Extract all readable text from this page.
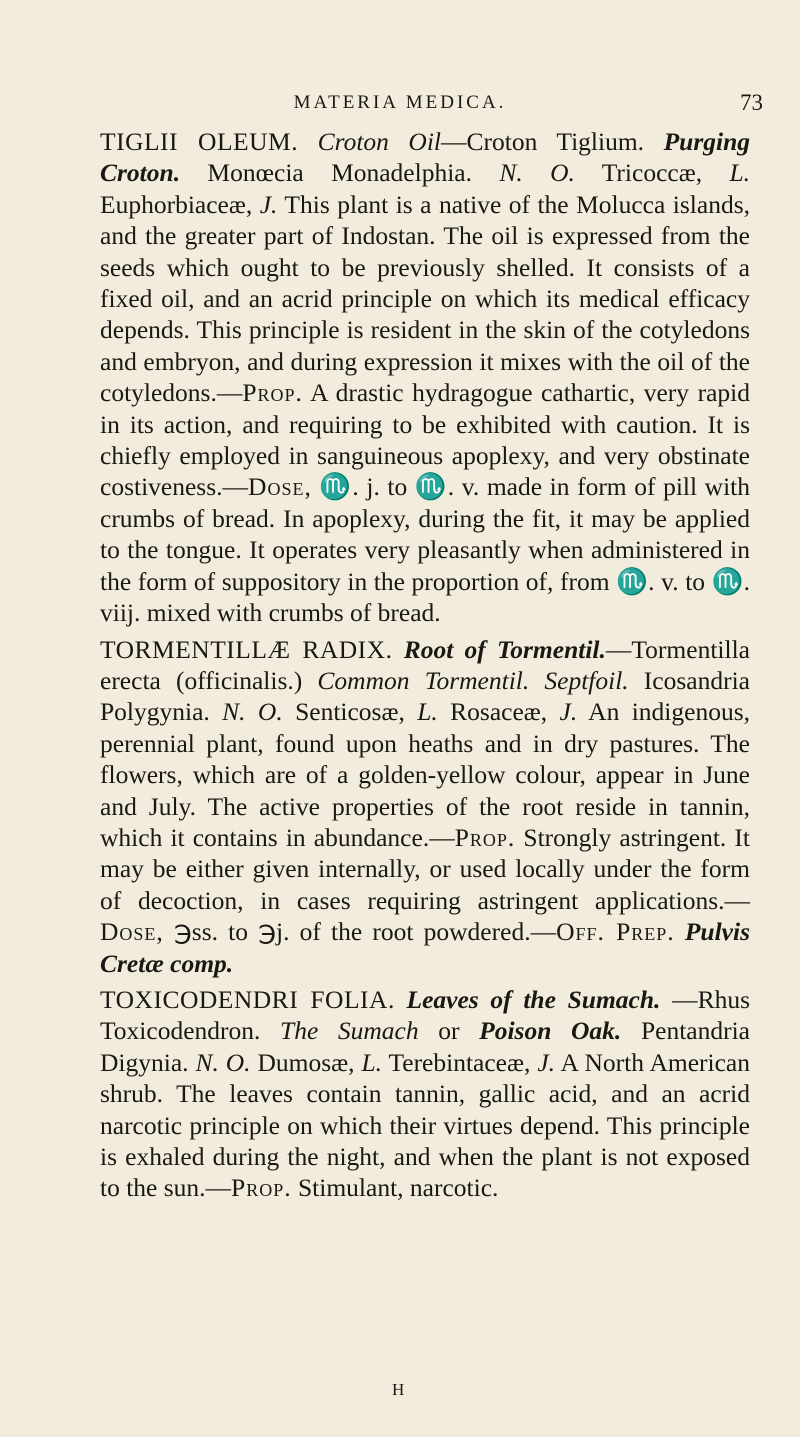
MATERIA MEDICA.	73

TIGLII OLEUM. Croton Oil—Croton Tiglium. Purging Croton. Monœcia Monadelphia. N. O. Tricoccæ, L. Euphorbiaceæ, J. This plant is a native of the Molucca islands, and the greater part of Indostan. The oil is expressed from the seeds which ought to be previously shelled. It consists of a fixed oil, and an acrid principle on which its medical efficacy depends. This principle is resident in the skin of the cotyledons and embryon, and during expression it mixes with the oil of the cotyledons.—Prop. A drastic hydragogue cathartic, very rapid in its action, and requiring to be exhibited with caution. It is chiefly employed in sanguineous apoplexy, and very obstinate costiveness.—Dose, ♏. j. to ♏. v. made in form of pill with crumbs of bread. In apoplexy, during the fit, it may be applied to the tongue. It operates very pleasantly when administered in the form of suppository in the proportion of, from ♏. v. to ♏. viij. mixed with crumbs of bread.

TORMENTILLÆ RADIX. Root of Tormentil.—Tormentilla erecta (officinalis.) Common Tormentil. Septfoil. Icosandria Polygynia. N. O. Senticosæ, L. Rosaceæ, J. An indigenous, perennial plant, found upon heaths and in dry pastures. The flowers, which are of a golden-yellow colour, appear in June and July. The active properties of the root reside in tannin, which it contains in abundance.—Prop. Strongly astringent. It may be either given internally, or used locally under the form of decoction, in cases requiring astringent applications.—Dose, ℈ss. to ℈j. of the root powdered.—Off. Prep. Pulvis Cretæ comp.

TOXICODENDRI FOLIA. Leaves of the Sumach. —Rhus Toxicodendron. The Sumach or Poison Oak. Pentandria Digynia. N. O. Dumosæ, L. Terebintaceæ, J. A North American shrub. The leaves contain tannin, gallic acid, and an acrid narcotic principle on which their virtues depend. This principle is exhaled during the night, and when the plant is not exposed to the sun.—Prop. Stimulant, narcotic.

H
